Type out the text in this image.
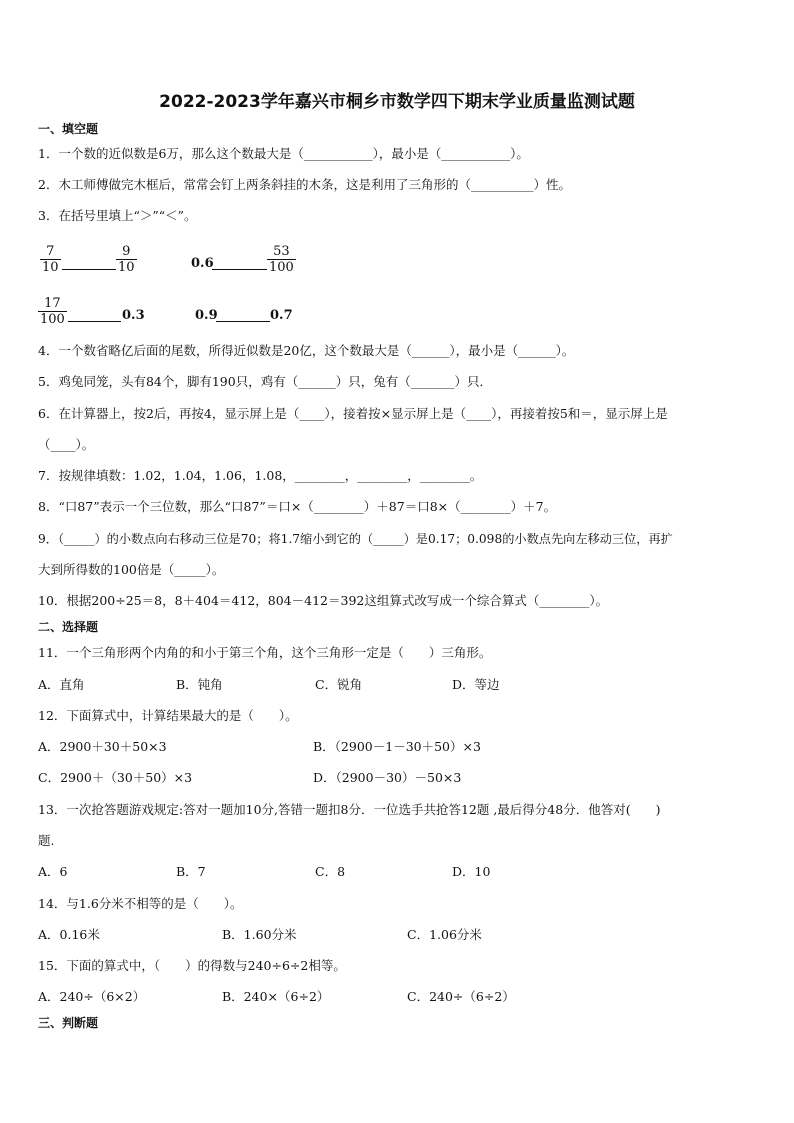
2022-2023学年嘉兴市桐乡市数学四下期末学业质量监测试题
一、填空题
1．一个数的近似数是6万，那么这个数最大是（___________），最小是（___________）。
2．木工师傅做完木框后，常常会钉上两条斜挂的木条，这是利用了三角形的（__________）性。
3．在括号里填上“＞”“＜”。
$\frac{7}{10}$	$\frac{9}{10}$	0.6	$\frac{53}{100}$
$\frac{17}{100}$	0.3	0.9	0.7
4．一个数省略亿后面的尾数，所得近似数是20亿，这个数最大是（______），最小是（______）。
5．鸡兔同笼，头有84个，脚有190只，鸡有（______）只，兔有（_______）只．
6．在计算器上，按2后，再按4，显示屏上是（____），接着按×显示屏上是（____），再接着按5和＝，显示屏上是
（____）。
7．按规律填数：1.02，1.04，1.06，1.08，________，________，________。
8．“口87”表示一个三位数，那么“口87”＝口×（________）＋87＝口8×（________）＋7。
9．（_____）的小数点向右移动三位是70；将1.7缩小到它的（_____）是0.17；0.098的小数点先向左移动三位，再扩
大到所得数的100倍是（_____）。
10．根据200÷25＝8，8＋404＝412，804－412＝392这组算式改写成一个综合算式（________）。
二、选择题
11．一个三角形两个内角的和小于第三个角，这个三角形一定是（　　）三角形。
A．直角	B．钝角	C．锐角	D．等边
12．下面算式中，计算结果最大的是（　　）。
A．2900＋30＋50×3	B．（2900－1－30＋50）×3
C．2900＋（30＋50）×3	D．（2900－30）－50×3
13．一次抢答题游戏规定:答对一题加10分,答错一题扣8分．一位选手共抢答12题 ,最后得分48分．他答对(　　)
题.
A．6	B．7	C．8	D．10
14．与1.6分米不相等的是（　　）。
A．0.16米	B．1.60分米	C．1.06分米
15．下面的算式中，（　　）的得数与240÷6÷2相等。
A．240÷（6×2）	B．240×（6÷2）	C．240÷（6÷2）
三、判断题
